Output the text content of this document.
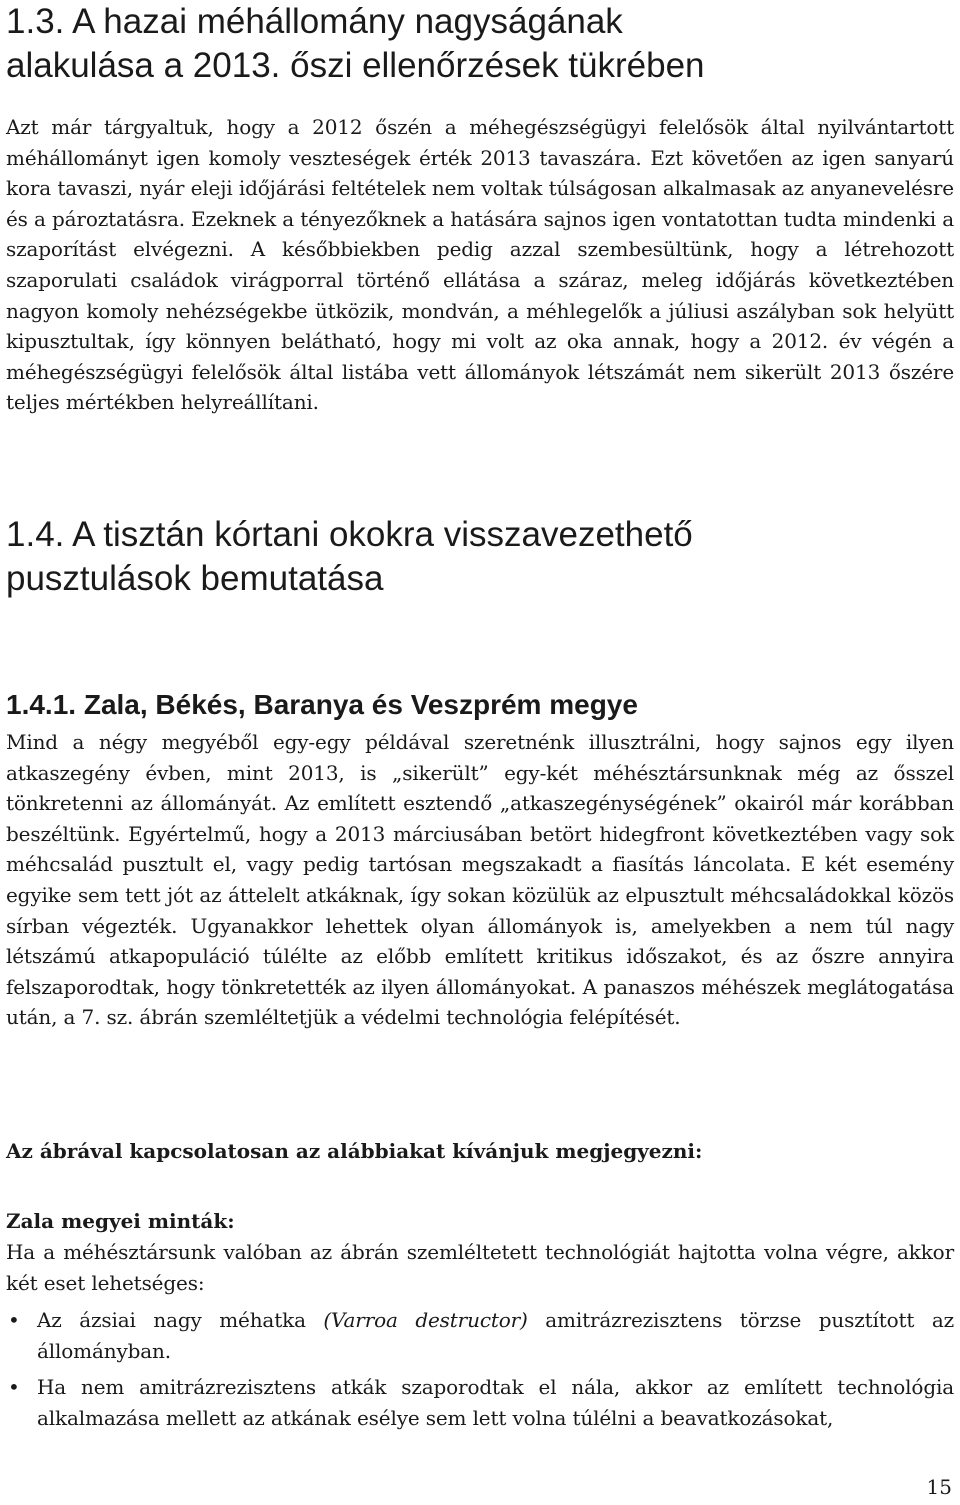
1.3. A hazai méhállomány nagyságának
alakulása a 2013. őszi ellenőrzések tükrében

Azt már tárgyaltuk, hogy a 2012 őszén a méhegészségügyi felelősök által nyilvántartott méhállományt igen komoly veszteségek érték 2013 tavaszára. Ezt követően az igen sanyarú kora tavaszi, nyár eleji időjárási feltételek nem voltak túlságosan alkalmasak az anyanevelésre és a pároztatásra. Ezeknek a tényezőknek a hatására sajnos igen vontatottan tudta mindenki a szaporítást elvégezni. A későbbiekben pedig azzal szembesültünk, hogy a létrehozott szaporulati családok virágporral történő ellátása a száraz, meleg időjárás következtében nagyon komoly nehézségekbe ütközik, mondván, a méhlegelők a júliusi aszályban sok helyütt kipusztultak, így könnyen belátható, hogy mi volt az oka annak, hogy a 2012. év végén a méhegészségügyi felelősök által listába vett állományok létszámát nem sikerült 2013 őszére teljes mértékben helyreállítani.

1.4. A tisztán kórtani okokra visszavezethető
pusztulások bemutatása
1.4.1. Zala, Békés, Baranya és Veszprém megye

Mind a négy megyéből egy-egy példával szeretnénk illusztrálni, hogy sajnos egy ilyen atkaszegény évben, mint 2013, is „sikerült” egy-két méhésztársunknak még az ősszel tönkretenni az állományát. Az említett esztendő „atkaszegénységének” okairól már korábban beszéltünk. Egyértelmű, hogy a 2013 márciusában betört hidegfront következtében vagy sok méhcsalád pusztult el, vagy pedig tartósan megszakadt a fiasítás láncolata. E két esemény egyike sem tett jót az áttelelt atkáknak, így sokan közülük az elpusztult méhcsaládokkal közös sírban végezték. Ugyanakkor lehettek olyan állományok is, amelyekben a nem túl nagy létszámú atkapopuláció túlélte az előbb említett kritikus időszakot, és az őszre annyira felszaporodtak, hogy tönkretették az ilyen állományokat. A panaszos méhészek meglátogatása után, a 7. sz. ábrán szemléltetjük a védelmi technológia felépítését.

Az ábrával kapcsolatosan az alábbiakat kívánjuk megjegyezni:

Zala megyei minták:

Ha a méhésztársunk valóban az ábrán szemléltetett technológiát hajtotta volna végre, akkor két eset lehetséges:

• Az ázsiai nagy méhatka (Varroa destructor) amitrázrezisztens törzse pusztított az állományban.
• Ha nem amitrázrezisztens atkák szaporodtak el nála, akkor az említett technológia alkalmazása mellett az atkának esélye sem lett volna túlélni a beavatkozásokat,
15
